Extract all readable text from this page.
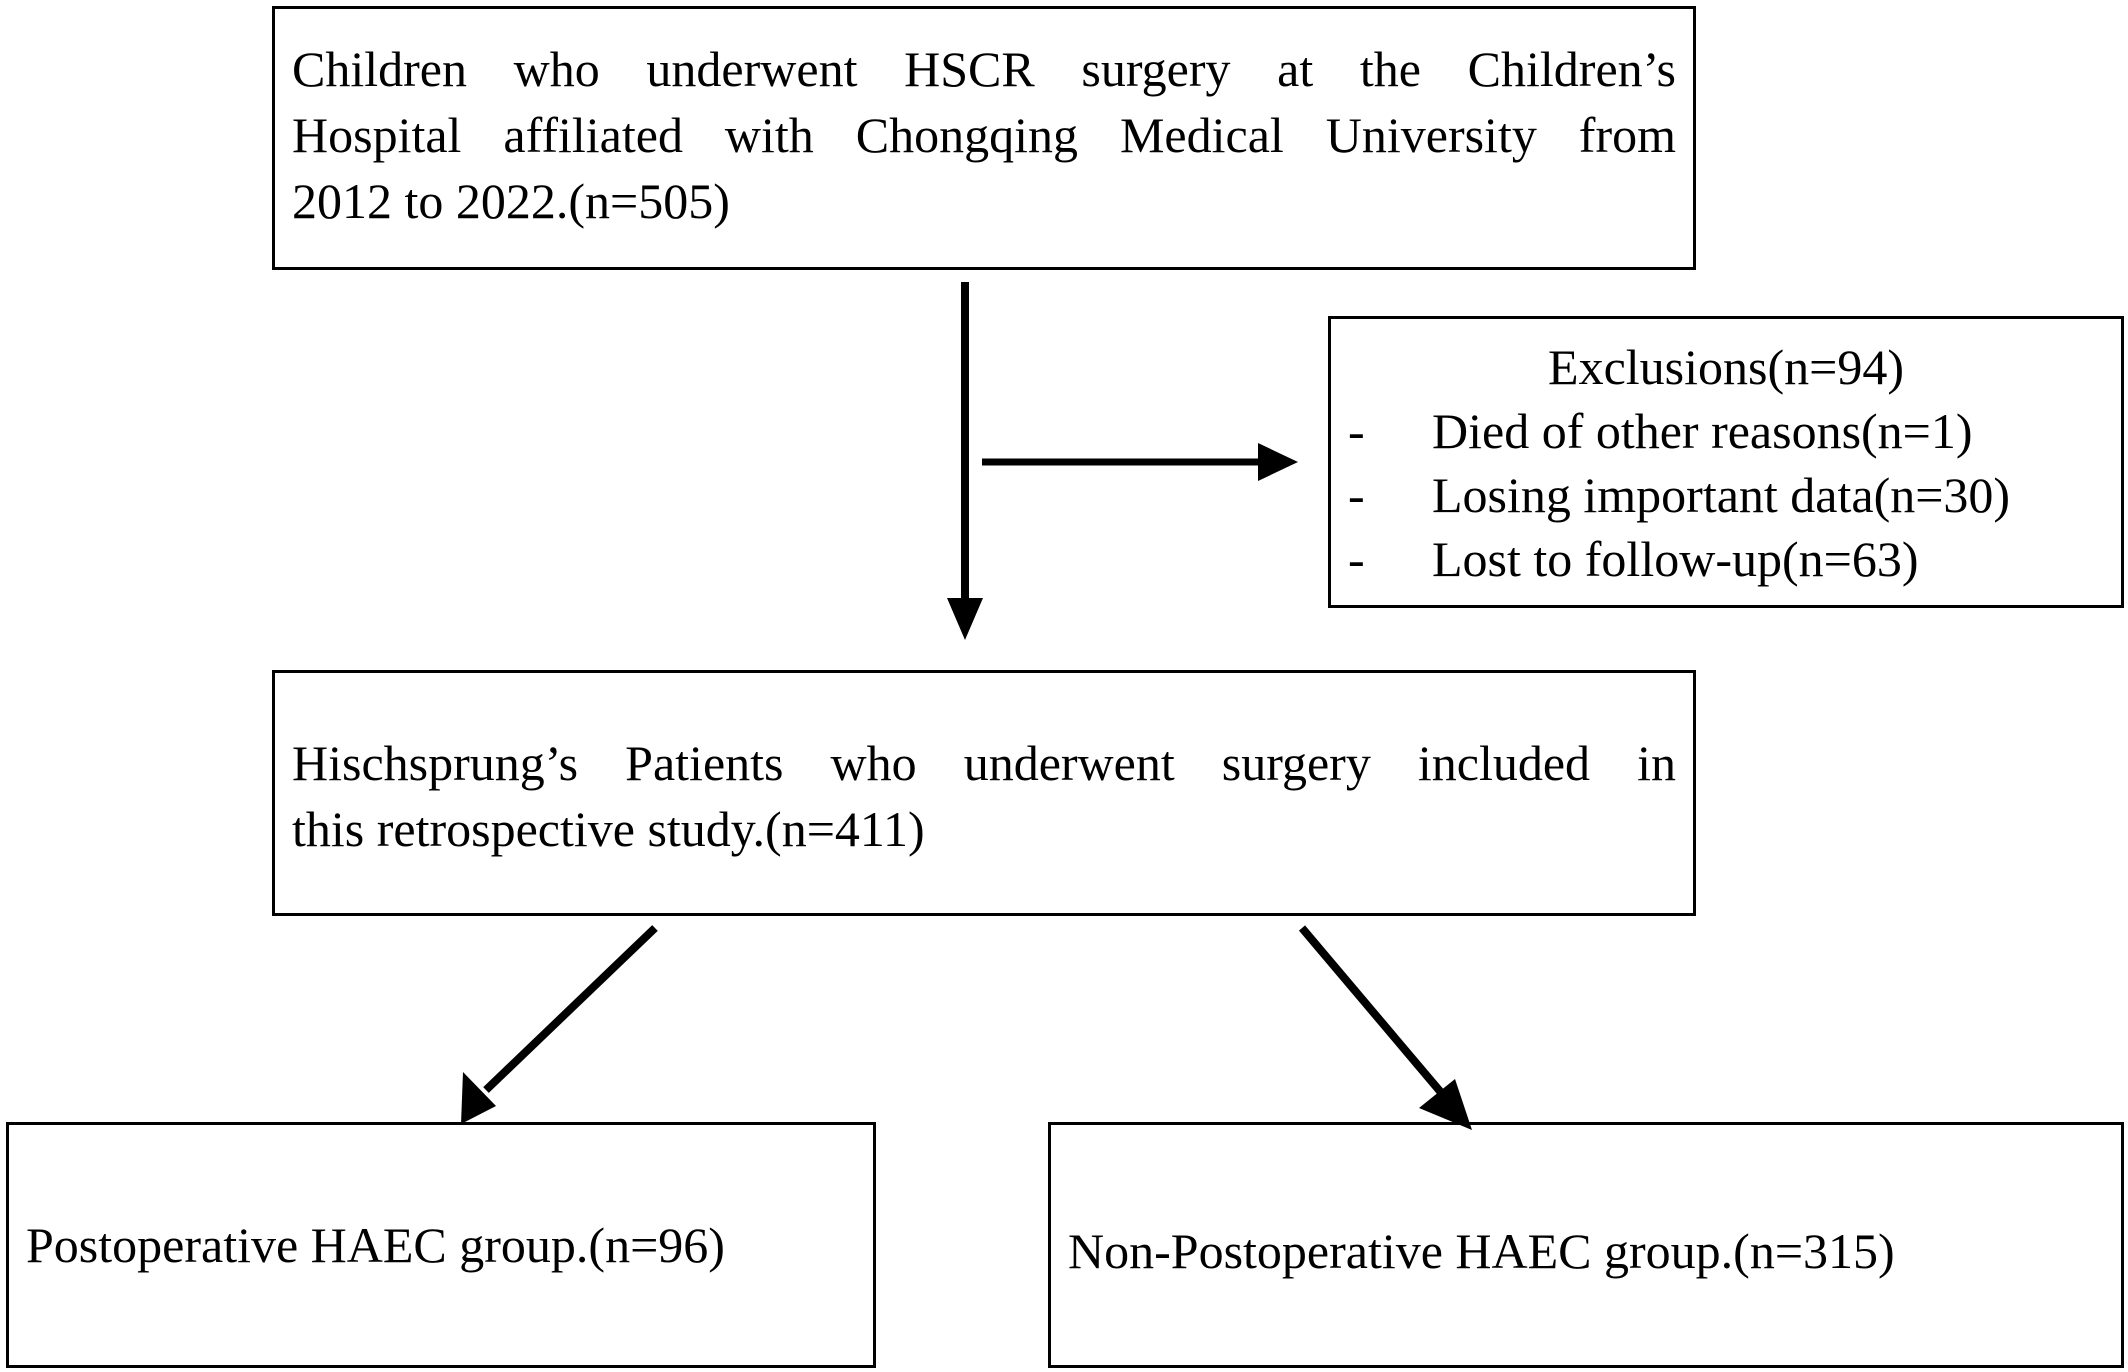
Children who underwent HSCR surgery at the Children’s
Hospital affiliated with Chongqing Medical University from
2012 to 2022.(n=505)
Exclusions(n=94)
- Died of other reasons(n=1)
- Losing important data(n=30)
- Lost to follow-up(n=63)
Hischsprung’s Patients who underwent surgery included in
this retrospective study.(n=411)
Postoperative HAEC group.(n=96)	Non-Postoperative HAEC group.(n=315)
